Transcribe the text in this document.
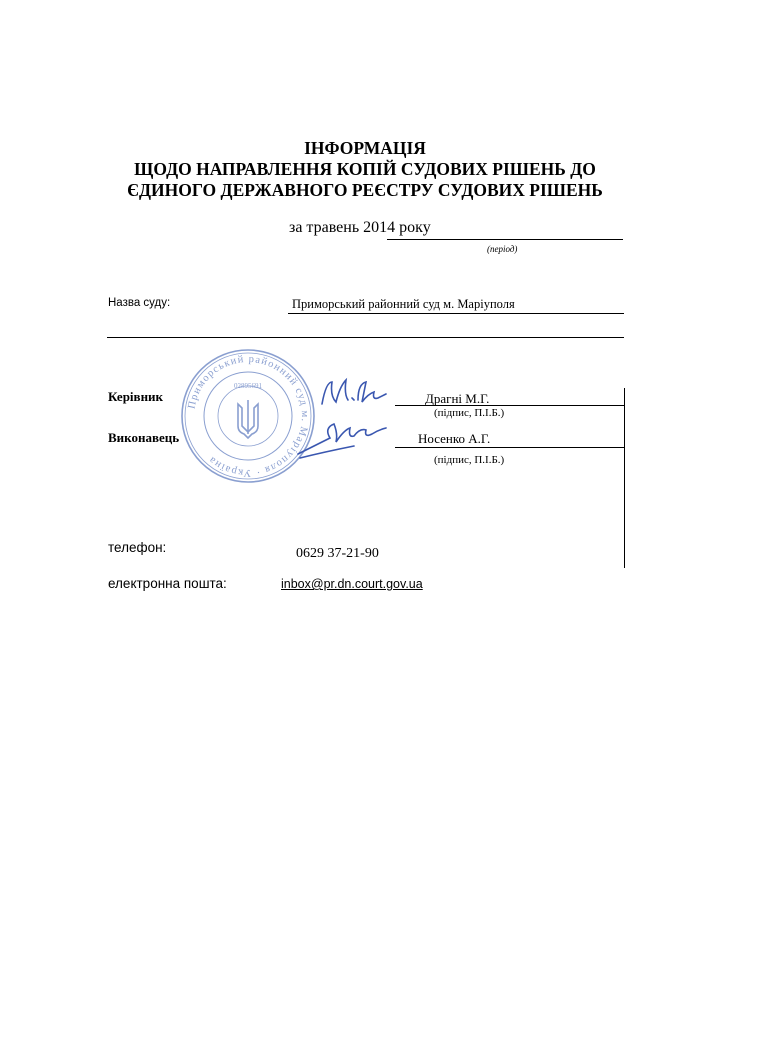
ІНФОРМАЦІЯ
ЩОДО НАПРАВЛЕННЯ КОПІЙ СУДОВИХ РІШЕНЬ ДО
ЄДИНОГО ДЕРЖАВНОГО РЕЄСТРУ СУДОВИХ РІШЕНЬ
за травень 2014 року
(період)
Назва суду:	Приморський районний суд м. Маріуполя
Приморський районний суд м. Маріуполя · Україна
02895691
Керівник	Драгні М.Г.
(підпис, П.І.Б.)
Виконавець	Носенко А.Г.
(підпис, П.І.Б.)
телефон:	0629 37-21-90
електронна пошта:	inbox@pr.dn.court.gov.ua
